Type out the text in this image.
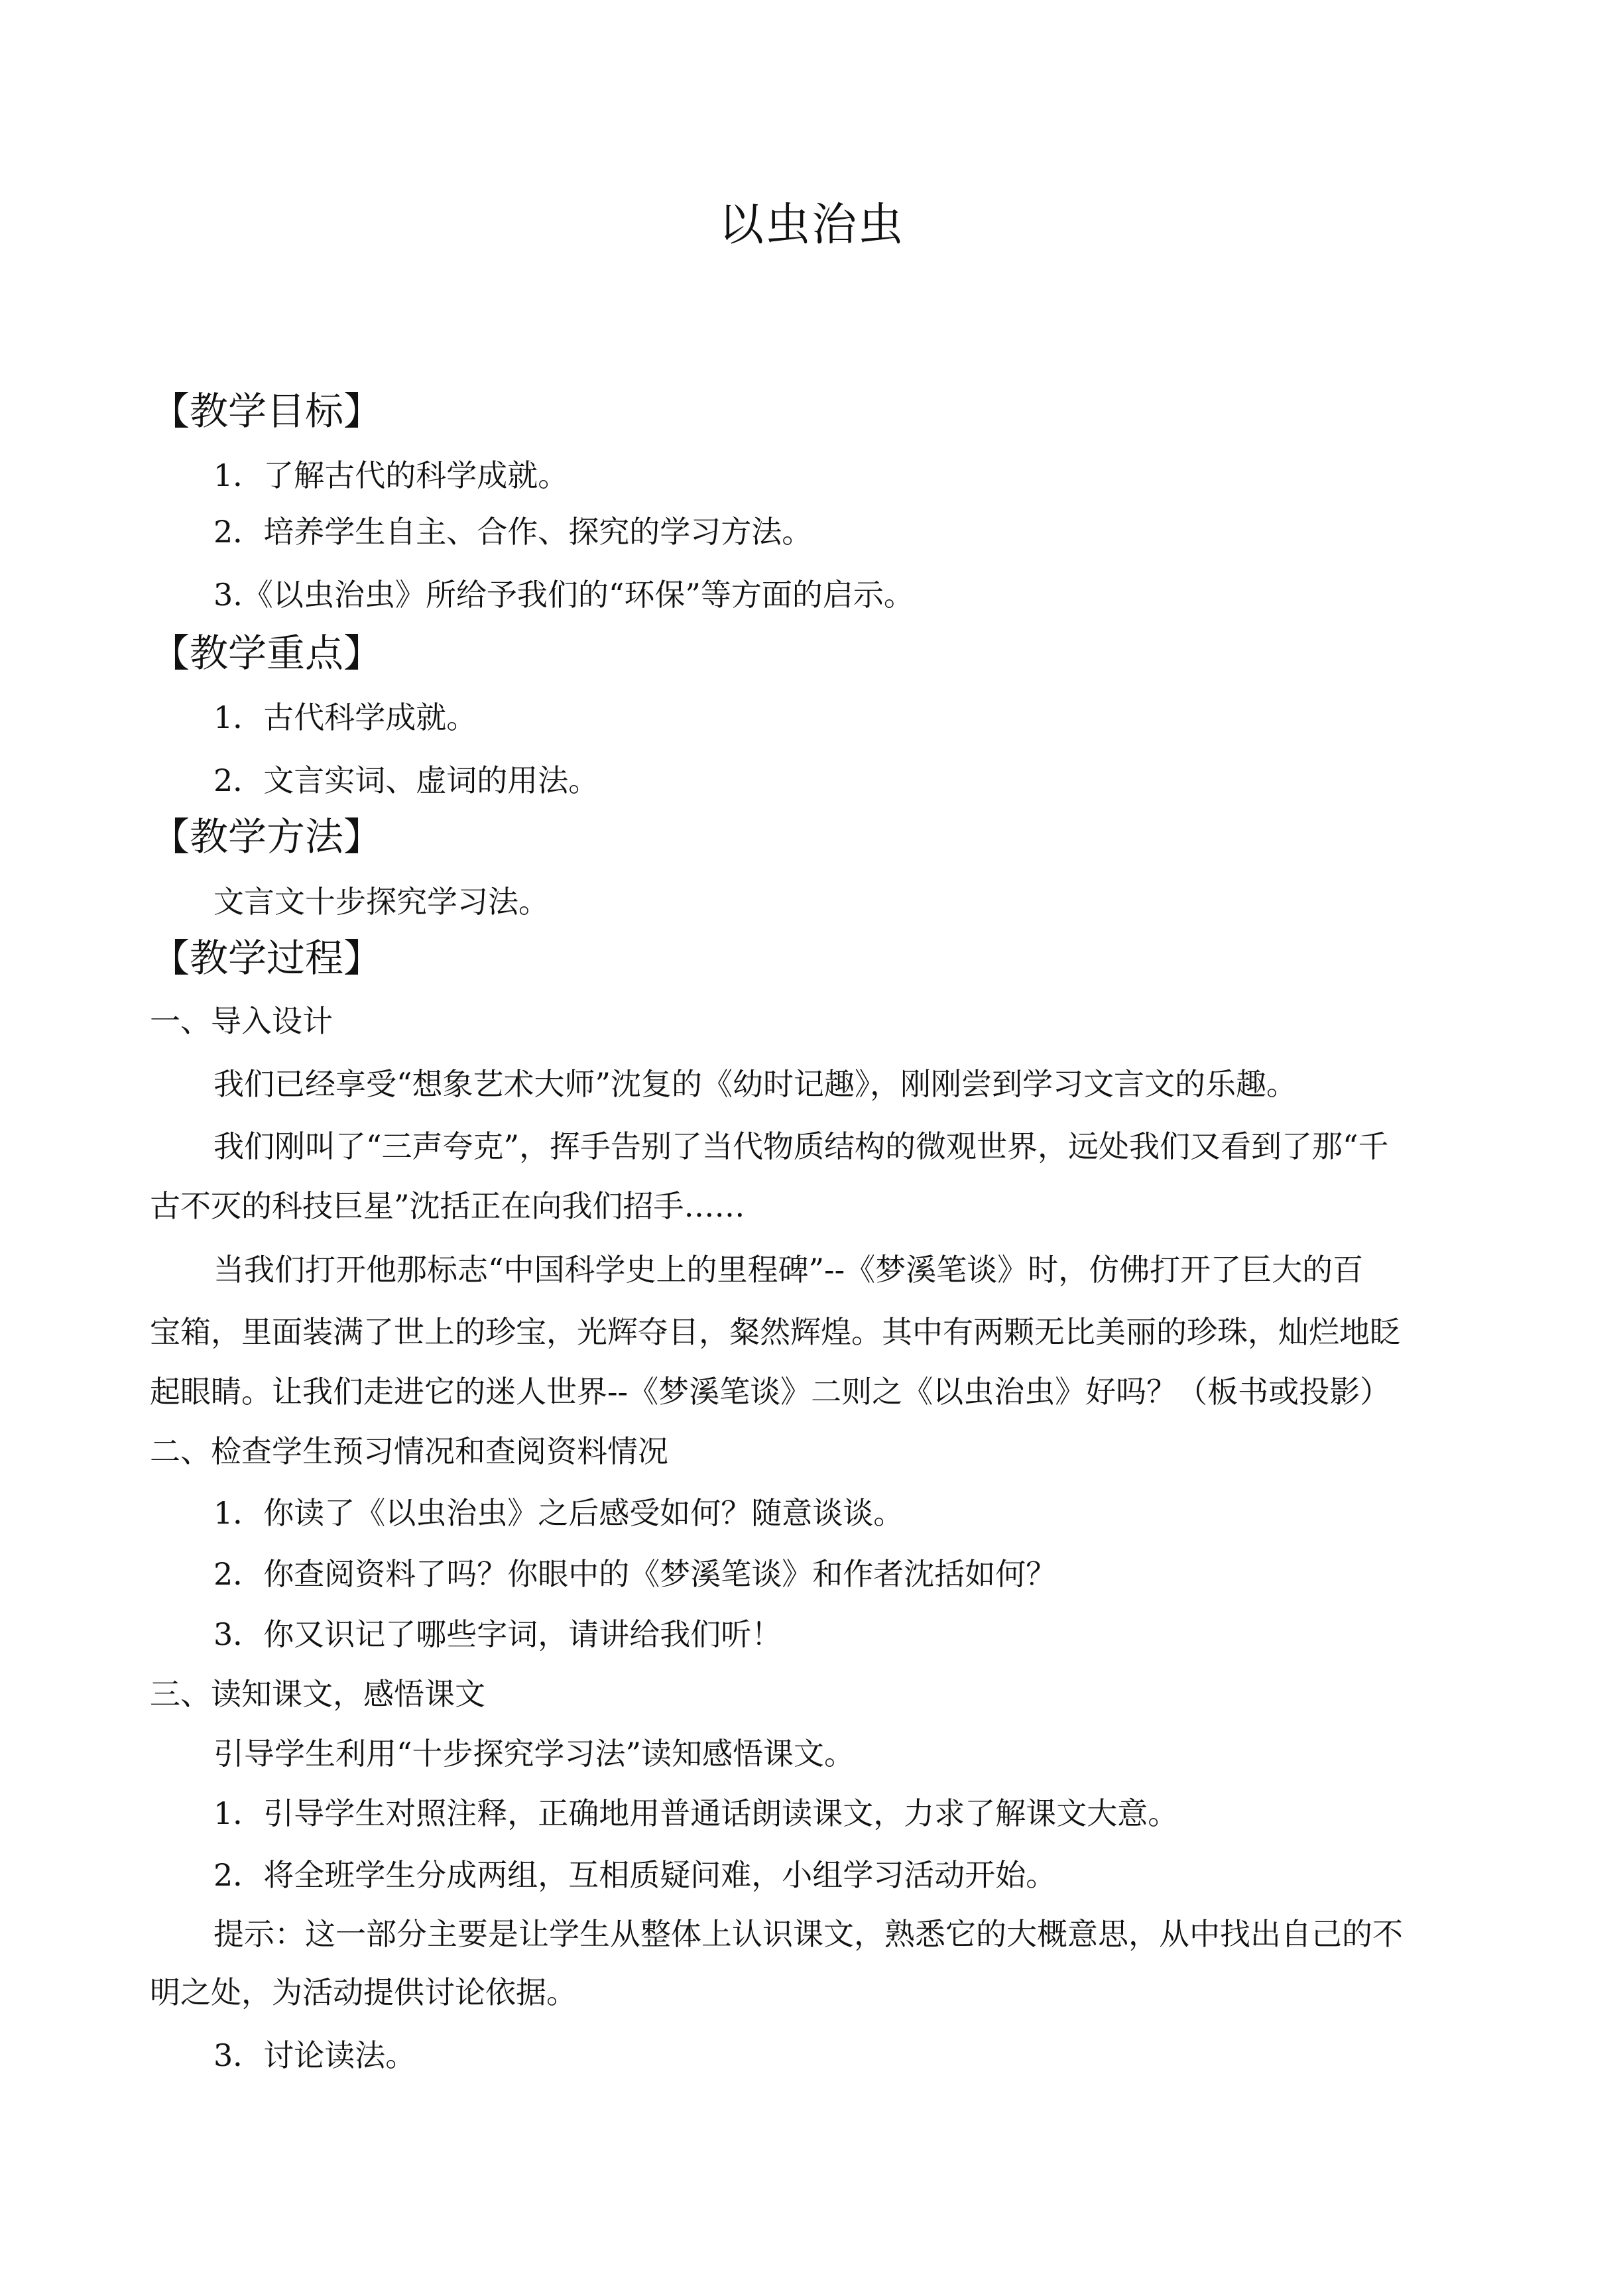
以虫治虫
【教学目标】
1．了解古代的科学成就。
2．培养学生自主、合作、探究的学习方法。
3.《以虫治虫》所给予我们的“环保”等方面的启示。
【教学重点】
1．古代科学成就。
2．文言实词、虚词的用法。
【教学方法】
文言文十步探究学习法。
【教学过程】
一、导入设计
我们已经享受“想象艺术大师”沈复的《幼时记趣》，刚刚尝到学习文言文的乐趣。
我们刚叫了“三声夸克”，挥手告别了当代物质结构的微观世界，远处我们又看到了那“千
古不灭的科技巨星”沈括正在向我们招手……
当我们打开他那标志“中国科学史上的里程碑”--《梦溪笔谈》时，仿佛打开了巨大的百
宝箱，里面装满了世上的珍宝，光辉夺目，粲然辉煌。其中有两颗无比美丽的珍珠，灿烂地眨
起眼睛。让我们走进它的迷人世界--《梦溪笔谈》二则之《以虫治虫》好吗？（板书或投影）
二、检查学生预习情况和查阅资料情况
1．你读了《以虫治虫》之后感受如何？随意谈谈。
2．你查阅资料了吗？你眼中的《梦溪笔谈》和作者沈括如何？
3．你又识记了哪些字词，请讲给我们听！
三、读知课文，感悟课文
引导学生利用“十步探究学习法”读知感悟课文。
1．引导学生对照注释，正确地用普通话朗读课文，力求了解课文大意。
2．将全班学生分成两组，互相质疑问难，小组学习活动开始。
提示：这一部分主要是让学生从整体上认识课文，熟悉它的大概意思，从中找出自己的不
明之处，为活动提供讨论依据。
3．讨论读法。
